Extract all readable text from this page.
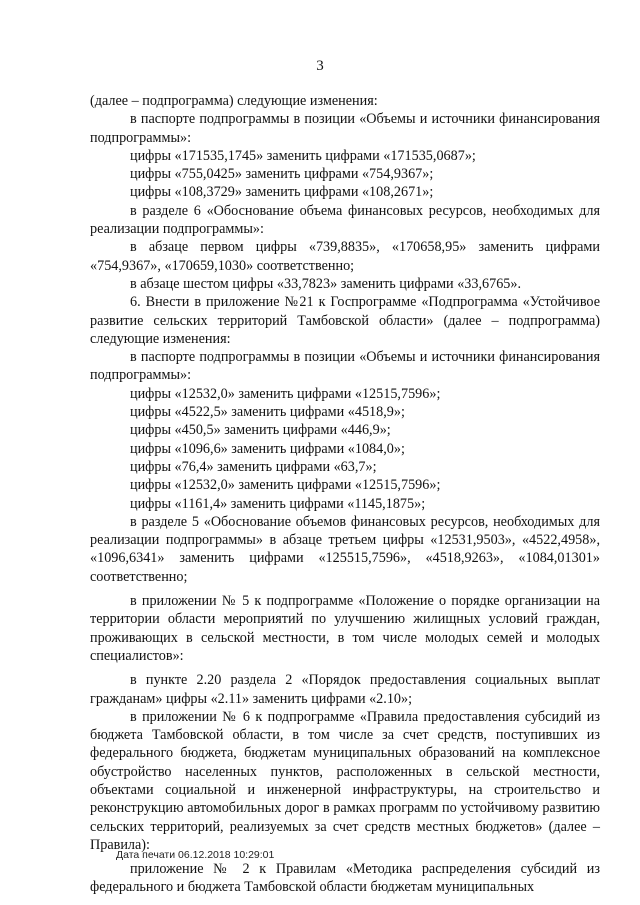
3

(далее – подпрограмма) следующие изменения:

в паспорте подпрограммы в позиции «Объемы и источники финансирования подпрограммы»:

цифры «171535,1745» заменить цифрами «171535,0687»;

цифры «755,0425» заменить цифрами «754,9367»;

цифры «108,3729» заменить цифрами «108,2671»;

в разделе 6 «Обоснование объема финансовых ресурсов, необходимых для реализации подпрограммы»:

в абзаце первом цифры «739,8835», «170658,95» заменить цифрами «754,9367», «170659,1030» соответственно;

в абзаце шестом цифры «33,7823» заменить цифрами «33,6765».

6. Внести в приложение №21 к Госпрограмме «Подпрограмма «Устойчивое развитие сельских территорий Тамбовской области» (далее – подпрограмма) следующие изменения:

в паспорте подпрограммы в позиции «Объемы и источники финансирования подпрограммы»:

цифры «12532,0» заменить цифрами «12515,7596»;

цифры «4522,5» заменить цифрами «4518,9»;

цифры «450,5» заменить цифрами «446,9»;

цифры «1096,6» заменить цифрами «1084,0»;

цифры «76,4» заменить цифрами «63,7»;

цифры «12532,0» заменить цифрами «12515,7596»;

цифры «1161,4» заменить цифрами «1145,1875»;

в разделе 5 «Обоснование объемов финансовых ресурсов, необходимых для реализации подпрограммы» в абзаце третьем цифры «12531,9503», «4522,4958», «1096,6341» заменить цифрами «125515,7596», «4518,9263», «1084,01301» соответственно;

в приложении № 5 к подпрограмме «Положение о порядке организации на территории области мероприятий по улучшению жилищных условий граждан, проживающих в сельской местности, в том числе молодых семей и молодых специалистов»:

в пункте 2.20 раздела 2 «Порядок предоставления социальных выплат гражданам» цифры «2.11» заменить цифрами «2.10»;

в приложении № 6 к подпрограмме «Правила предоставления субсидий из бюджета Тамбовской области, в том числе за счет средств, поступивших из федерального бюджета, бюджетам муниципальных образований на комплексное обустройство населенных пунктов, расположенных в сельской местности, объектами социальной и инженерной инфраструктуры, на строительство и реконструкцию автомобильных дорог в рамках программ по устойчивому развитию сельских территорий, реализуемых за счет средств местных бюджетов» (далее – Правила):

приложение № 2 к Правилам «Методика распределения субсидий из федерального и бюджета Тамбовской области бюджетам муниципальных

Дата печати 06.12.2018 10:29:01
